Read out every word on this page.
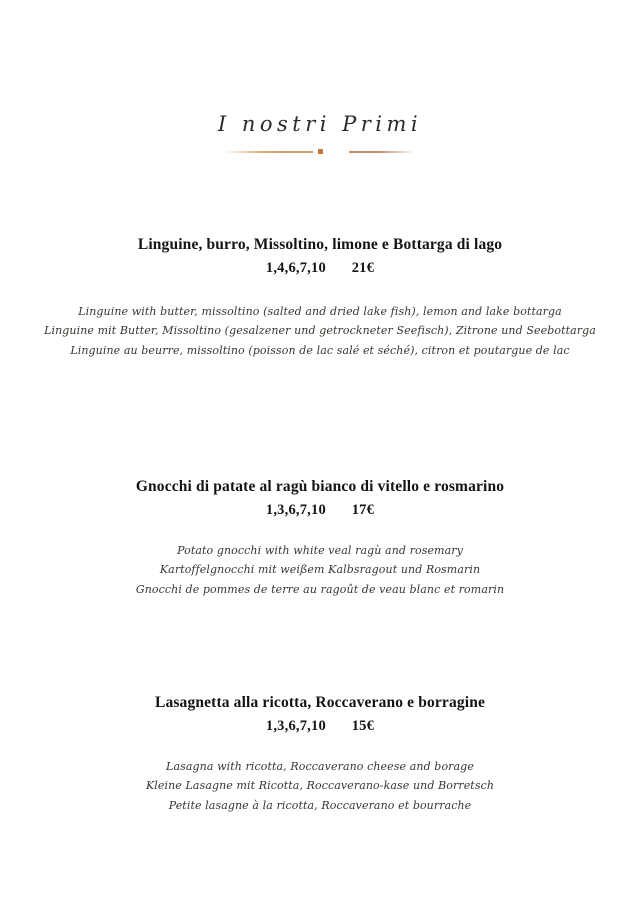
I nostri Primi
Linguine, burro, Missoltino, limone e Bottarga di lago
1,4,6,7,10 21€
Linguine with butter, missoltino (salted and dried lake fish), lemon and lake bottarga
Linguine mit Butter, Missoltino (gesalzener und getrockneter Seefisch), Zitrone und Seebottarga
Linguine au beurre, missoltino (poisson de lac salé et séché), citron et poutargue de lac
Gnocchi di patate al ragù bianco di vitello e rosmarino
1,3,6,7,10 17€
Potato gnocchi with white veal ragù and rosemary
Kartoffelgnocchi mit weißem Kalbsragout und Rosmarin
Gnocchi de pommes de terre au ragoût de veau blanc et romarin
Lasagnetta alla ricotta, Roccaverano e borragine
1,3,6,7,10 15€
Lasagna with ricotta, Roccaverano cheese and borage
Kleine Lasagne mit Ricotta, Roccaverano-kase und Borretsch
Petite lasagne à la ricotta, Roccaverano et bourrache
